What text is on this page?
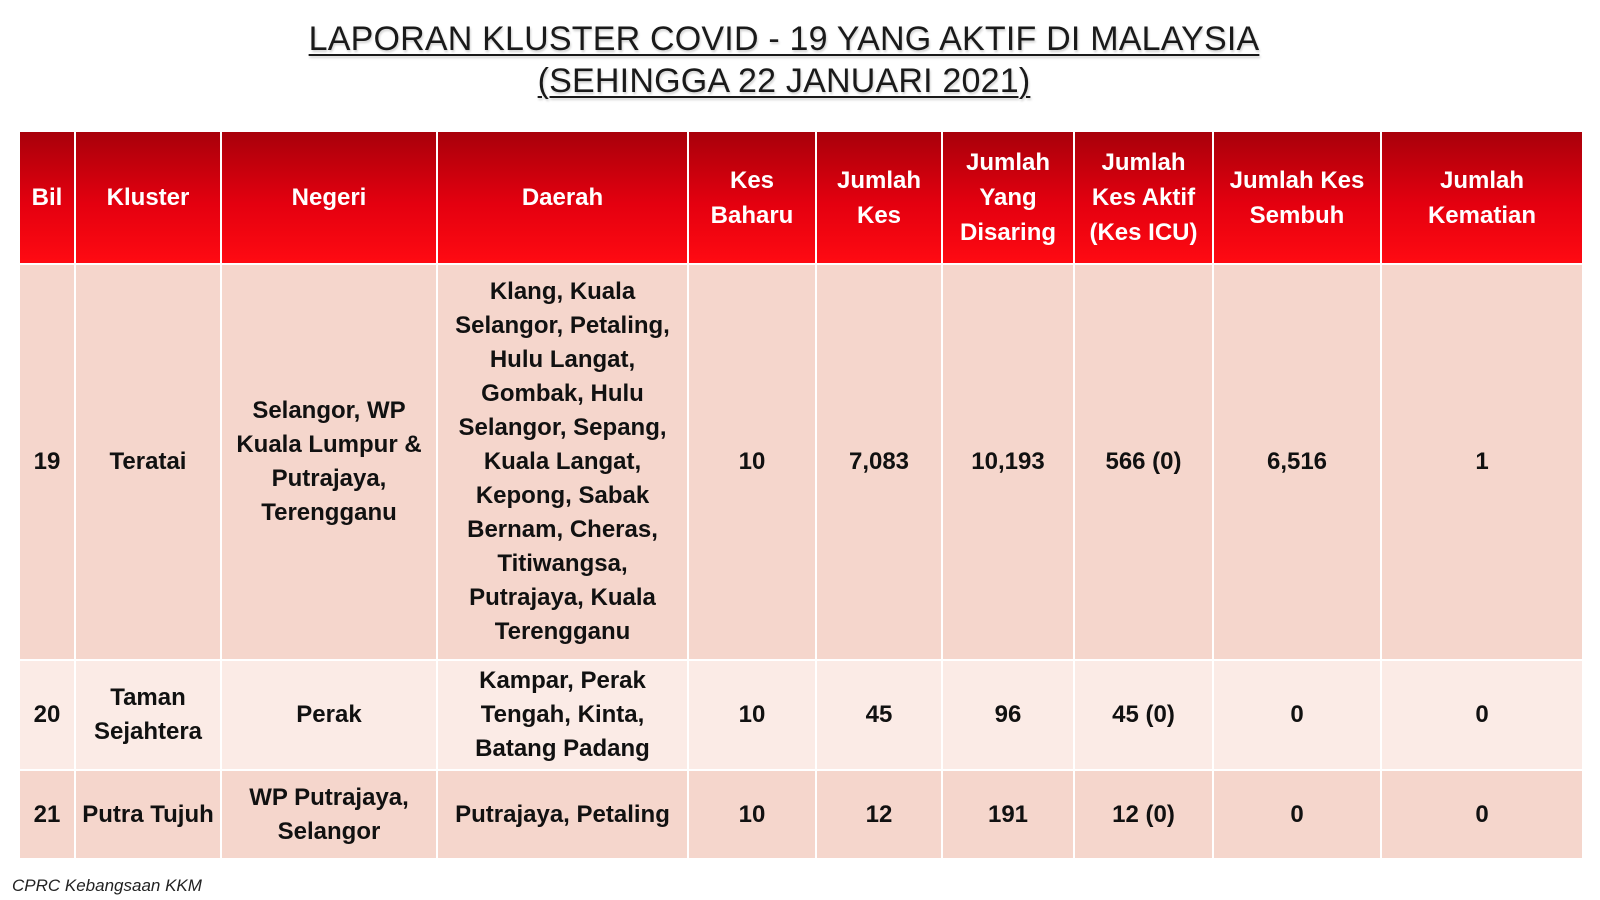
LAPORAN KLUSTER COVID - 19 YANG AKTIF DI MALAYSIA
(SEHINGGA 22 JANUARI 2021)
Bil	Kluster	Negeri	Daerah	Kes Baharu	Jumlah Kes	Jumlah Yang Disaring	Jumlah Kes Aktif (Kes ICU)	Jumlah Kes Sembuh	Jumlah Kematian
19	Teratai	Selangor, WP Kuala Lumpur & Putrajaya, Terengganu	Klang, Kuala Selangor, Petaling, Hulu Langat, Gombak, Hulu Selangor, Sepang, Kuala Langat, Kepong, Sabak Bernam, Cheras, Titiwangsa, Putrajaya, Kuala Terengganu	10	7,083	10,193	566 (0)	6,516	1
20	Taman Sejahtera	Perak	Kampar, Perak Tengah, Kinta, Batang Padang	10	45	96	45 (0)	0	0
21	Putra Tujuh	WP Putrajaya, Selangor	Putrajaya, Petaling	10	12	191	12 (0)	0	0
CPRC Kebangsaan KKM
